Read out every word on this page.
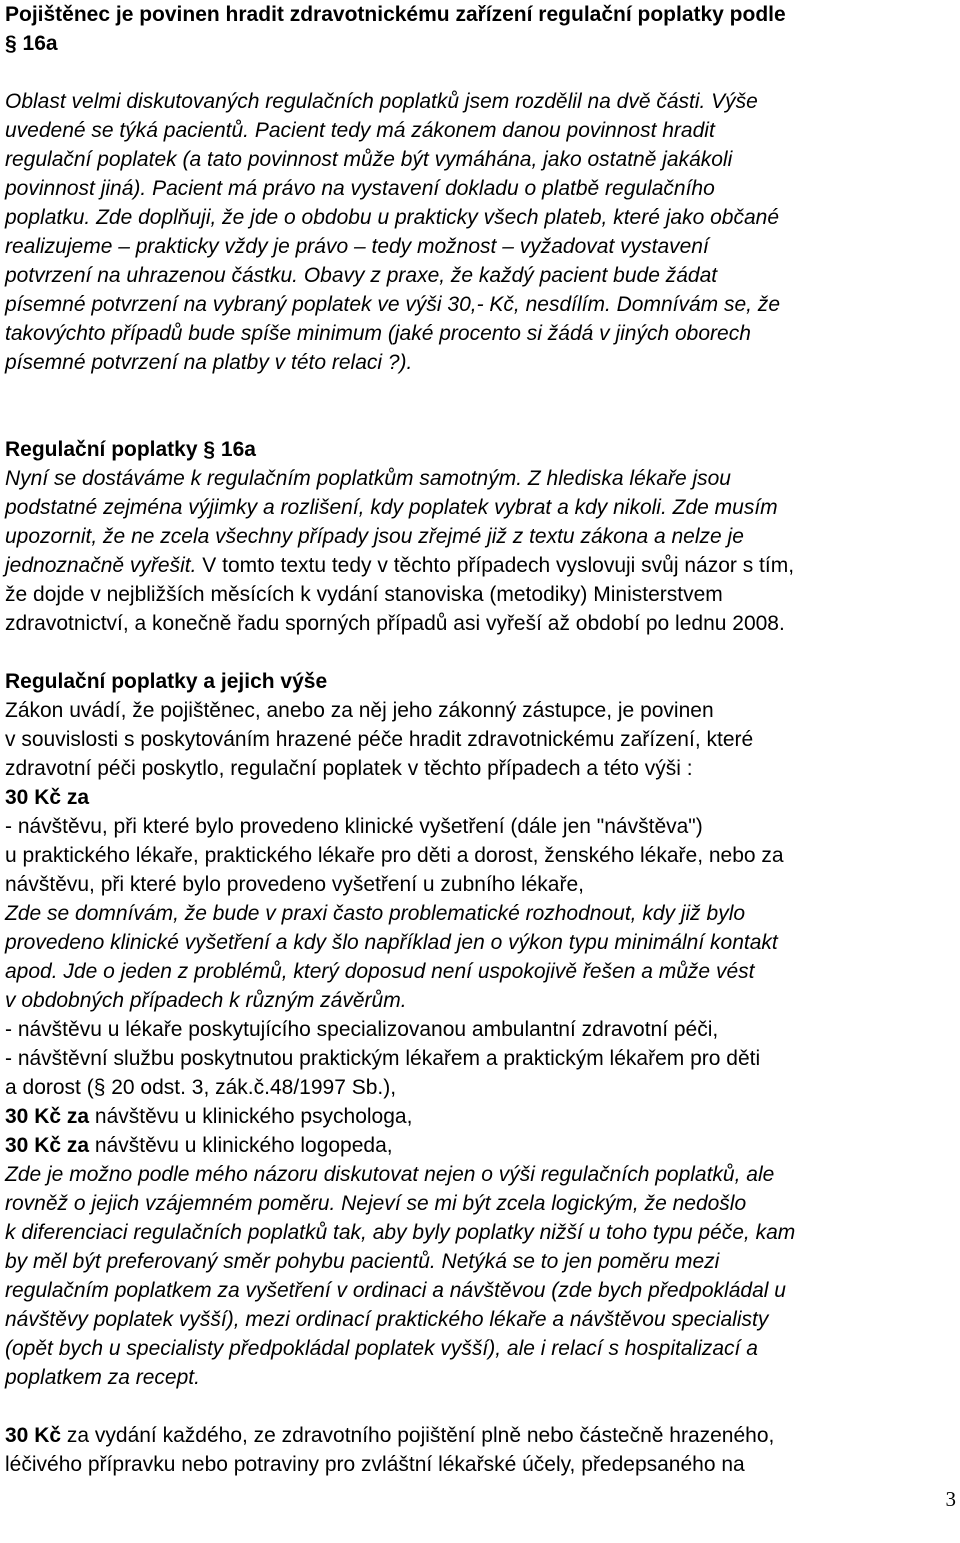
Pojištěnec je povinen hradit zdravotnickému zařízení regulační poplatky podle
§ 16a
Oblast velmi diskutovaných regulačních poplatků jsem rozdělil na dvě části. Výše
uvedené se týká pacientů. Pacient tedy má zákonem danou povinnost hradit
regulační poplatek (a tato povinnost může být vymáhána, jako ostatně jakákoli
povinnost jiná). Pacient má právo na vystavení dokladu o platbě regulačního
poplatku. Zde doplňuji, že jde o obdobu u prakticky všech plateb, které jako občané
realizujeme – prakticky vždy je právo – tedy možnost – vyžadovat vystavení
potvrzení na uhrazenou částku. Obavy z praxe, že každý pacient bude žádat
písemné potvrzení na vybraný poplatek ve výši 30,- Kč, nesdílím. Domnívám se, že
takovýchto případů bude spíše minimum (jaké procento si žádá v jiných oborech
písemné potvrzení na platby v této relaci ?).
Regulační poplatky § 16a
Nyní se dostáváme k regulačním poplatkům samotným. Z hlediska lékaře jsou
podstatné zejména výjimky a rozlišení, kdy poplatek vybrat a kdy nikoli. Zde musím
upozornit, že ne zcela všechny případy jsou zřejmé již z textu zákona a nelze je
jednoznačně vyřešit. V tomto textu tedy v těchto případech vyslovuji svůj názor s tím,
že dojde v nejbližších měsících k vydání stanoviska (metodiky) Ministerstvem
zdravotnictví, a konečně řadu sporných případů asi vyřeší až období po lednu 2008.
Regulační poplatky a jejich výše
Zákon uvádí, že pojištěnec, anebo za něj jeho zákonný zástupce, je povinen
v souvislosti s poskytováním hrazené péče hradit zdravotnickému zařízení, které
zdravotní péči poskytlo, regulační poplatek v těchto případech a této výši :
30 Kč za
- návštěvu, při které bylo provedeno klinické vyšetření (dále jen "návštěva")
u praktického lékaře, praktického lékaře pro děti a dorost, ženského lékaře, nebo za
návštěvu, při které bylo provedeno vyšetření u zubního lékaře,
Zde se domnívám, že bude v praxi často problematické rozhodnout, kdy již bylo
provedeno klinické vyšetření a kdy šlo například jen o výkon typu minimální kontakt
apod. Jde o jeden z problémů, který doposud není uspokojivě řešen a může vést
v obdobných případech k různým závěrům.
- návštěvu u lékaře poskytujícího specializovanou ambulantní zdravotní péči,
- návštěvní službu poskytnutou praktickým lékařem a praktickým lékařem pro děti
a dorost (§ 20 odst. 3, zák.č.48/1997 Sb.),
30 Kč za návštěvu u klinického psychologa,
30 Kč za návštěvu u klinického logopeda,
Zde je možno podle mého názoru diskutovat nejen o výši regulačních poplatků, ale
rovněž o jejich vzájemném poměru. Nejeví se mi být zcela logickým, že nedošlo
k diferenciaci regulačních poplatků tak, aby byly poplatky nižší u toho typu péče, kam
by měl být preferovaný směr pohybu pacientů. Netýká se to jen poměru mezi
regulačním poplatkem za vyšetření v ordinaci a návštěvou (zde bych předpokládal u
návštěvy poplatek vyšší), mezi ordinací praktického lékaře a návštěvou specialisty
(opět bych u specialisty předpokládal poplatek vyšší), ale i relací s hospitalizací a
poplatkem za recept.
30 Kč za vydání každého, ze zdravotního pojištění plně nebo částečně hrazeného,
léčivého přípravku nebo potraviny pro zvláštní lékařské účely, předepsaného na
3
